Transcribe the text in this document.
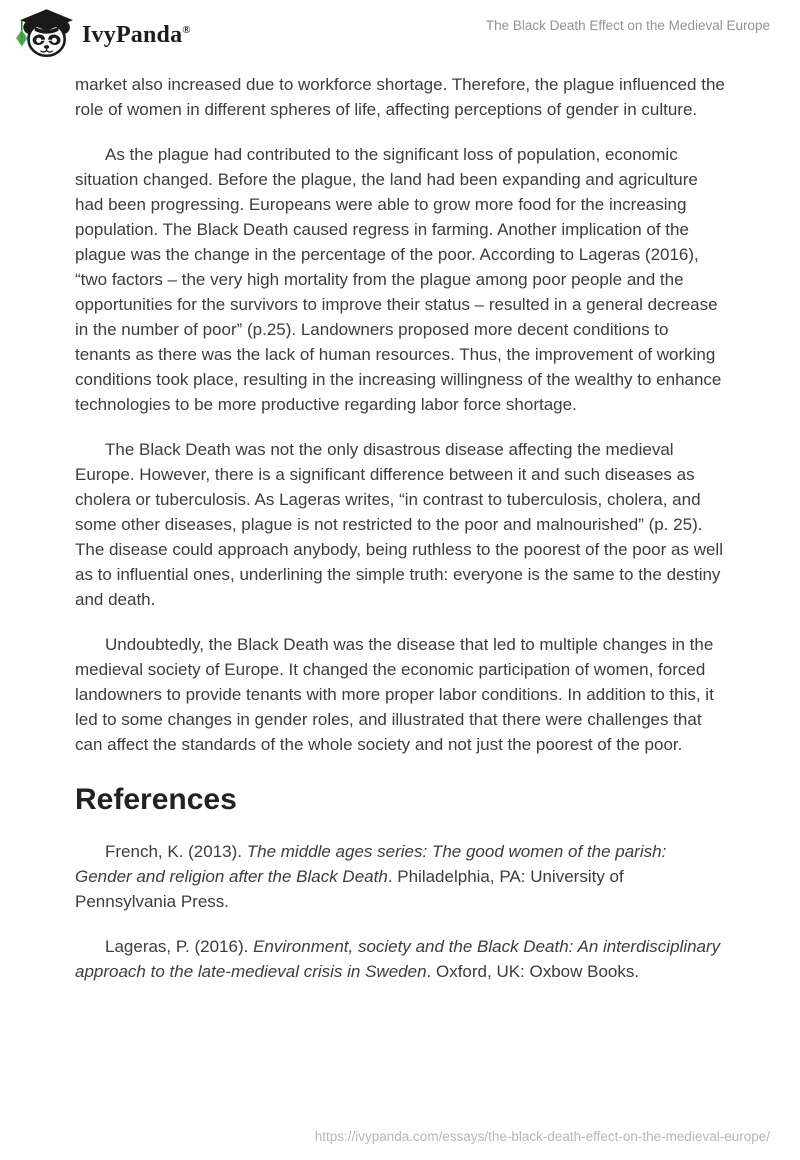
IvyPanda®	The Black Death Effect on the Medieval Europe

market also increased due to workforce shortage. Therefore, the plague influenced the role of women in different spheres of life, affecting perceptions of gender in culture.

As the plague had contributed to the significant loss of population, economic situation changed. Before the plague, the land had been expanding and agriculture had been progressing. Europeans were able to grow more food for the increasing population. The Black Death caused regress in farming. Another implication of the plague was the change in the percentage of the poor. According to Lageras (2016), “two factors – the very high mortality from the plague among poor people and the opportunities for the survivors to improve their status – resulted in a general decrease in the number of poor” (p.25). Landowners proposed more decent conditions to tenants as there was the lack of human resources. Thus, the improvement of working conditions took place, resulting in the increasing willingness of the wealthy to enhance technologies to be more productive regarding labor force shortage.

The Black Death was not the only disastrous disease affecting the medieval Europe. However, there is a significant difference between it and such diseases as cholera or tuberculosis. As Lageras writes, “in contrast to tuberculosis, cholera, and some other diseases, plague is not restricted to the poor and malnourished” (p. 25). The disease could approach anybody, being ruthless to the poorest of the poor as well as to influential ones, underlining the simple truth: everyone is the same to the destiny and death.

Undoubtedly, the Black Death was the disease that led to multiple changes in the medieval society of Europe. It changed the economic participation of women, forced landowners to provide tenants with more proper labor conditions. In addition to this, it led to some changes in gender roles, and illustrated that there were challenges that can affect the standards of the whole society and not just the poorest of the poor.

References

French, K. (2013). The middle ages series: The good women of the parish: Gender and religion after the Black Death. Philadelphia, PA: University of Pennsylvania Press.

Lageras, P. (2016). Environment, society and the Black Death: An interdisciplinary approach to the late-medieval crisis in Sweden. Oxford, UK: Oxbow Books.

https://ivypanda.com/essays/the-black-death-effect-on-the-medieval-europe/
